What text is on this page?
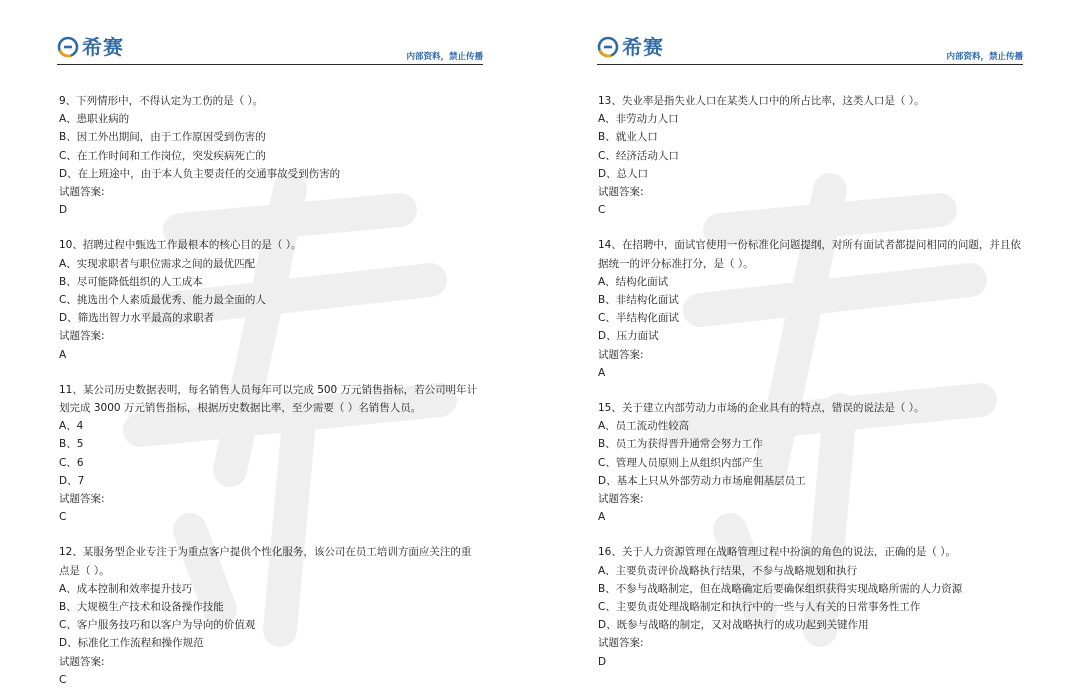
希赛	内部资料，禁止传播
9、下列情形中，不得认定为工伤的是（ ）。
A、患职业病的
B、因工外出期间，由于工作原因受到伤害的
C、在工作时间和工作岗位，突发疾病死亡的
D、在上班途中，由于本人负主要责任的交通事故受到伤害的
试题答案:
D
10、招聘过程中甄选工作最根本的核心目的是（ ）。
A、实现求职者与职位需求之间的最优匹配
B、尽可能降低组织的人工成本
C、挑选出个人素质最优秀、能力最全面的人
D、筛选出智力水平最高的求职者
试题答案:
A
11、某公司历史数据表明，每名销售人员每年可以完成 500 万元销售指标，若公司明年计划完成 3000 万元销售指标，根据历史数据比率，至少需要（ ）名销售人员。
A、4
B、5
C、6
D、7
试题答案:
C
12、某服务型企业专注于为重点客户提供个性化服务，该公司在员工培训方面应关注的重点是（ ）。
A、成本控制和效率提升技巧
B、大规模生产技术和设备操作技能
C、客户服务技巧和以客户为导向的价值观
D、标准化工作流程和操作规范
试题答案:
C
希赛	内部资料，禁止传播
13、失业率是指失业人口在某类人口中的所占比率，这类人口是（ ）。
A、非劳动力人口
B、就业人口
C、经济活动人口
D、总人口
试题答案:
C
14、在招聘中，面试官使用一份标准化问题提纲，对所有面试者都提问相同的问题，并且依据统一的评分标准打分，是（ ）。
A、结构化面试
B、非结构化面试
C、半结构化面试
D、压力面试
试题答案:
A
15、关于建立内部劳动力市场的企业具有的特点，错误的说法是（ ）。
A、员工流动性较高
B、员工为获得晋升通常会努力工作
C、管理人员原则上从组织内部产生
D、基本上只从外部劳动力市场雇佣基层员工
试题答案:
A
16、关于人力资源管理在战略管理过程中扮演的角色的说法，正确的是（ ）。
A、主要负责评价战略执行结果，不参与战略规划和执行
B、不参与战略制定，但在战略确定后要确保组织获得实现战略所需的人力资源
C、主要负责处理战略制定和执行中的一些与人有关的日常事务性工作
D、既参与战略的制定，又对战略执行的成功起到关键作用
试题答案:
D
